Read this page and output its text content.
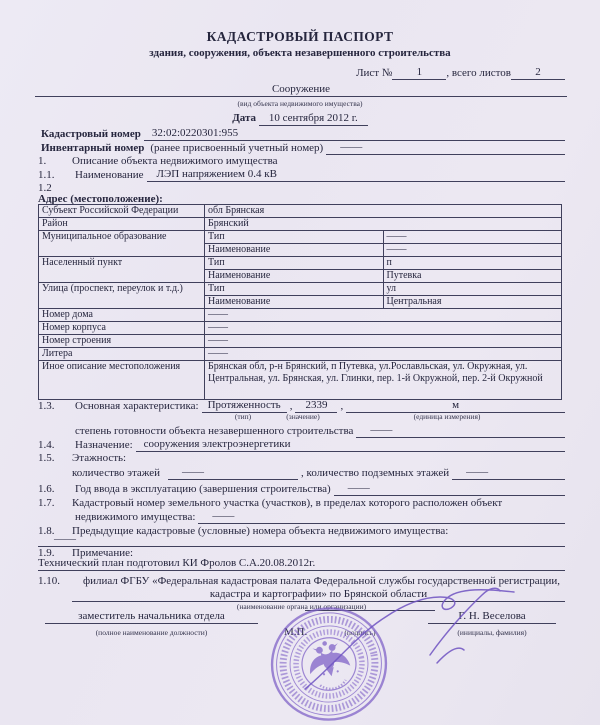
КАДАСТРОВЫЙ ПАСПОРТ
здания, сооружения, объекта незавершенного строительства
Лист №	1	, всего листов	2
Сооружение
(вид объекта недвижимого имущества)
Дата 10 сентября 2012 г.
Кадастровый номер	32:02:0220301:955
Инвентарный номер (ранее присвоенный учетный номер)	——
1.	Описание объекта недвижимого имущества
1.1.	Наименование	ЛЭП напряжением 0.4 кВ
1.2
Адрес (местоположение):
Субъект Российской Федерации	обл Брянская	
Район	Брянский	
Муниципальное образование	Тип	——
	Наименование	——
Населенный пункт	Тип	п
	Наименование	Путевка
Улица (проспект, переулок и т.д.)	Тип	ул
	Наименование	Центральная
Номер дома	——	
Номер корпуса	——	
Номер строения	——	
Литера	——	
Иное описание местоположения	Брянская обл, р-н Брянский, п Путевка, ул.Рославльская, ул. Окружная, ул. Центральная, ул. Брянская, ул. Глинки, пер. 1-й Окружной, пер. 2-й Окружной	
1.3.	Основная характеристика: Протяженность ,	2339	,	м
(тип)	(значение)	(единица измерения)
степень готовности объекта незавершенного строительства	——
1.4.	Назначение:	сооружения электроэнергетики
1.5.	Этажность:
количество этажей	——	, количество подземных этажей	——
1.6.	Год ввода в эксплуатацию (завершения строительства)	——
1.7.	Кадастровый номер земельного участка (участков), в пределах которого расположен объект
недвижимого имущества:	——
1.8.	Предыдущие кадастровые (условные) номера объекта недвижимого имущества:
——
1.9.	Примечание:
Технический план подготовил КИ Фролов С.А.20.08.2012г.
1.10.	филиал ФГБУ «Федеральная кадастровая палата Федеральной службы государственной регистрации,
кадастра и картографии» по Брянской области
(наименование органа или организации)
заместитель начальника отдела
(полное наименование должности)	М.П.	(подпись)
Г. Н. Веселова
(инициалы, фамилия)
